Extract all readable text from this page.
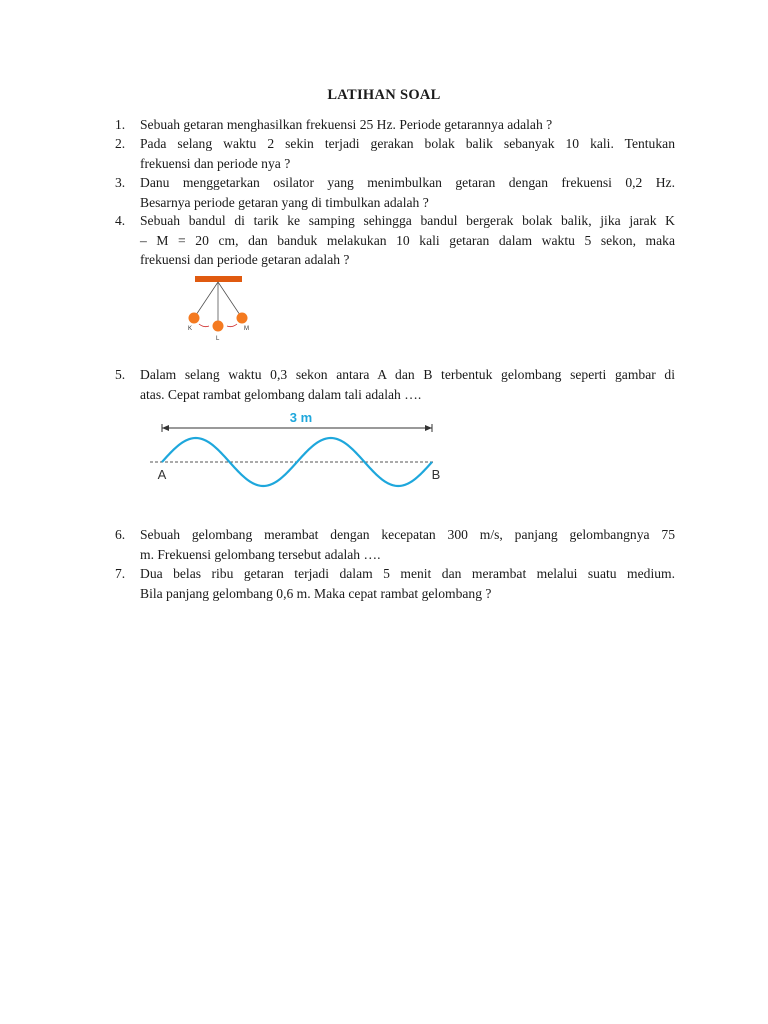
LATIHAN SOAL
1. Sebuah getaran menghasilkan frekuensi 25 Hz. Periode getarannya adalah ?
2. Pada selang waktu 2 sekin terjadi gerakan bolak balik sebanyak 10 kali. Tentukan
frekuensi dan periode nya ?
3. Danu menggetarkan osilator yang menimbulkan getaran dengan frekuensi 0,2 Hz.
Besarnya periode getaran yang di timbulkan adalah ?
4. Sebuah bandul di tarik ke samping sehingga bandul bergerak bolak balik, jika jarak K
– M = 20 cm, dan banduk melakukan 10 kali getaran dalam waktu 5 sekon, maka
frekuensi dan periode getaran adalah ?
K
L
M
5. Dalam selang waktu 0,3 sekon antara A dan B terbentuk gelombang seperti gambar di
atas. Cepat rambat gelombang dalam tali adalah ….
3 m
A	B
6. Sebuah gelombang merambat dengan kecepatan 300 m/s, panjang gelombangnya 75
m. Frekuensi gelombang tersebut adalah ….
7. Dua belas ribu getaran terjadi dalam 5 menit dan merambat melalui suatu medium.
Bila panjang gelombang 0,6 m. Maka cepat rambat gelombang ?
